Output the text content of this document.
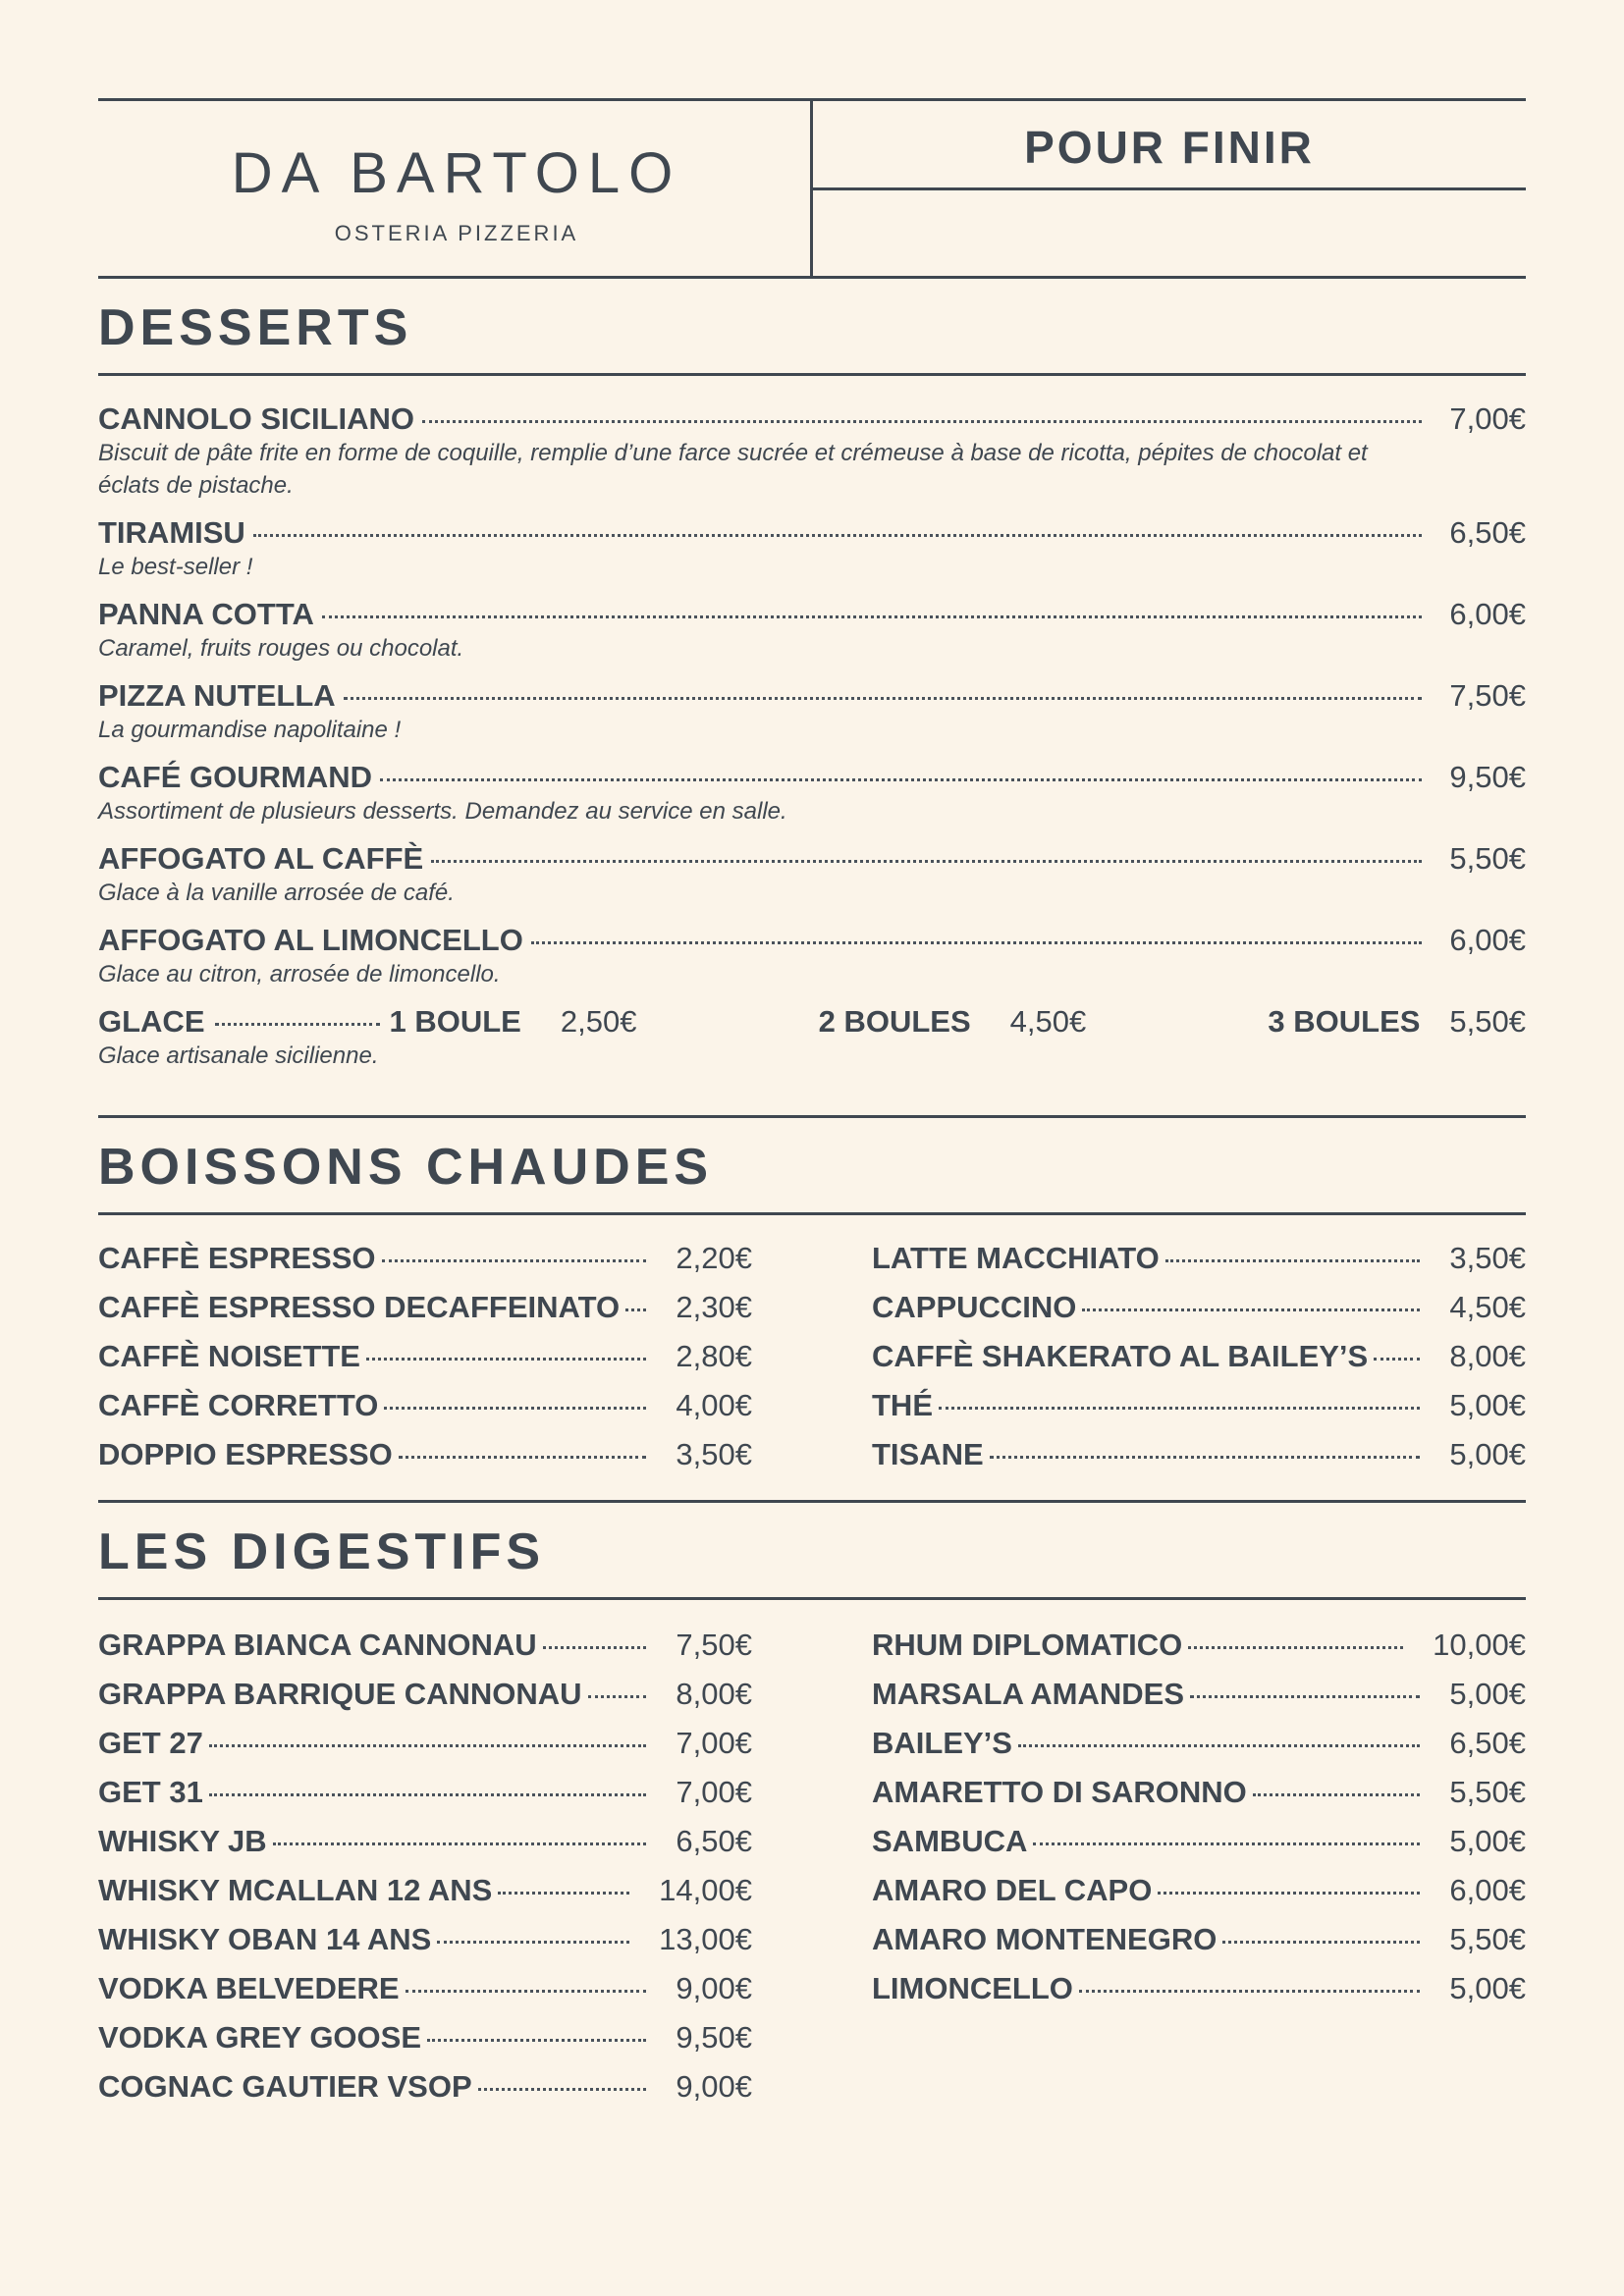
DA BARTOLO
OSTERIA PIZZERIA
POUR FINIR
DESSERTS
CANNOLO SICILIANO	7,00€
Biscuit de pâte frite en forme de coquille, remplie d’une farce sucrée et crémeuse à base de ricotta, pépites de chocolat et éclats de pistache.
TIRAMISU	6,50€
Le best-seller !
PANNA COTTA	6,00€
Caramel, fruits rouges ou chocolat.
PIZZA NUTELLA	7,50€
La gourmandise napolitaine !
CAFÉ GOURMAND	9,50€
Assortiment de plusieurs desserts. Demandez au service en salle.
AFFOGATO AL CAFFÈ	5,50€
Glace à la vanille arrosée de café.
AFFOGATO AL LIMONCELLO	6,00€
Glace au citron, arrosée de limoncello.
GLACE	1 BOULE 2,50€	2 BOULES 4,50€	3 BOULES 5,50€
Glace artisanale sicilienne.
BOISSONS CHAUDES
CAFFÈ ESPRESSO	2,20€
CAFFÈ ESPRESSO DECAFFEINATO 2,30€
CAFFÈ NOISETTE	2,80€
CAFFÈ CORRETTO	4,00€
DOPPIO ESPRESSO	3,50€
LATTE MACCHIATO	3,50€
CAPPUCCINO	4,50€
CAFFÈ SHAKERATO AL BAILEY’S	8,00€
THÉ	5,00€
TISANE	5,00€
LES DIGESTIFS
GRAPPA BIANCA CANNONAU	7,50€
GRAPPA BARRIQUE CANNONAU	8,00€
GET 27	7,00€
GET 31	7,00€
WHISKY JB	6,50€
WHISKY MCALLAN 12 ANS	14,00€
WHISKY OBAN 14 ANS	13,00€
VODKA BELVEDERE	9,00€
VODKA GREY GOOSE	9,50€
COGNAC GAUTIER VSOP	9,00€
RHUM DIPLOMATICO	10,00€
MARSALA AMANDES	5,00€
BAILEY’S	6,50€
AMARETTO DI SARONNO	5,50€
SAMBUCA	5,00€
AMARO DEL CAPO	6,00€
AMARO MONTENEGRO	5,50€
LIMONCELLO	5,00€
